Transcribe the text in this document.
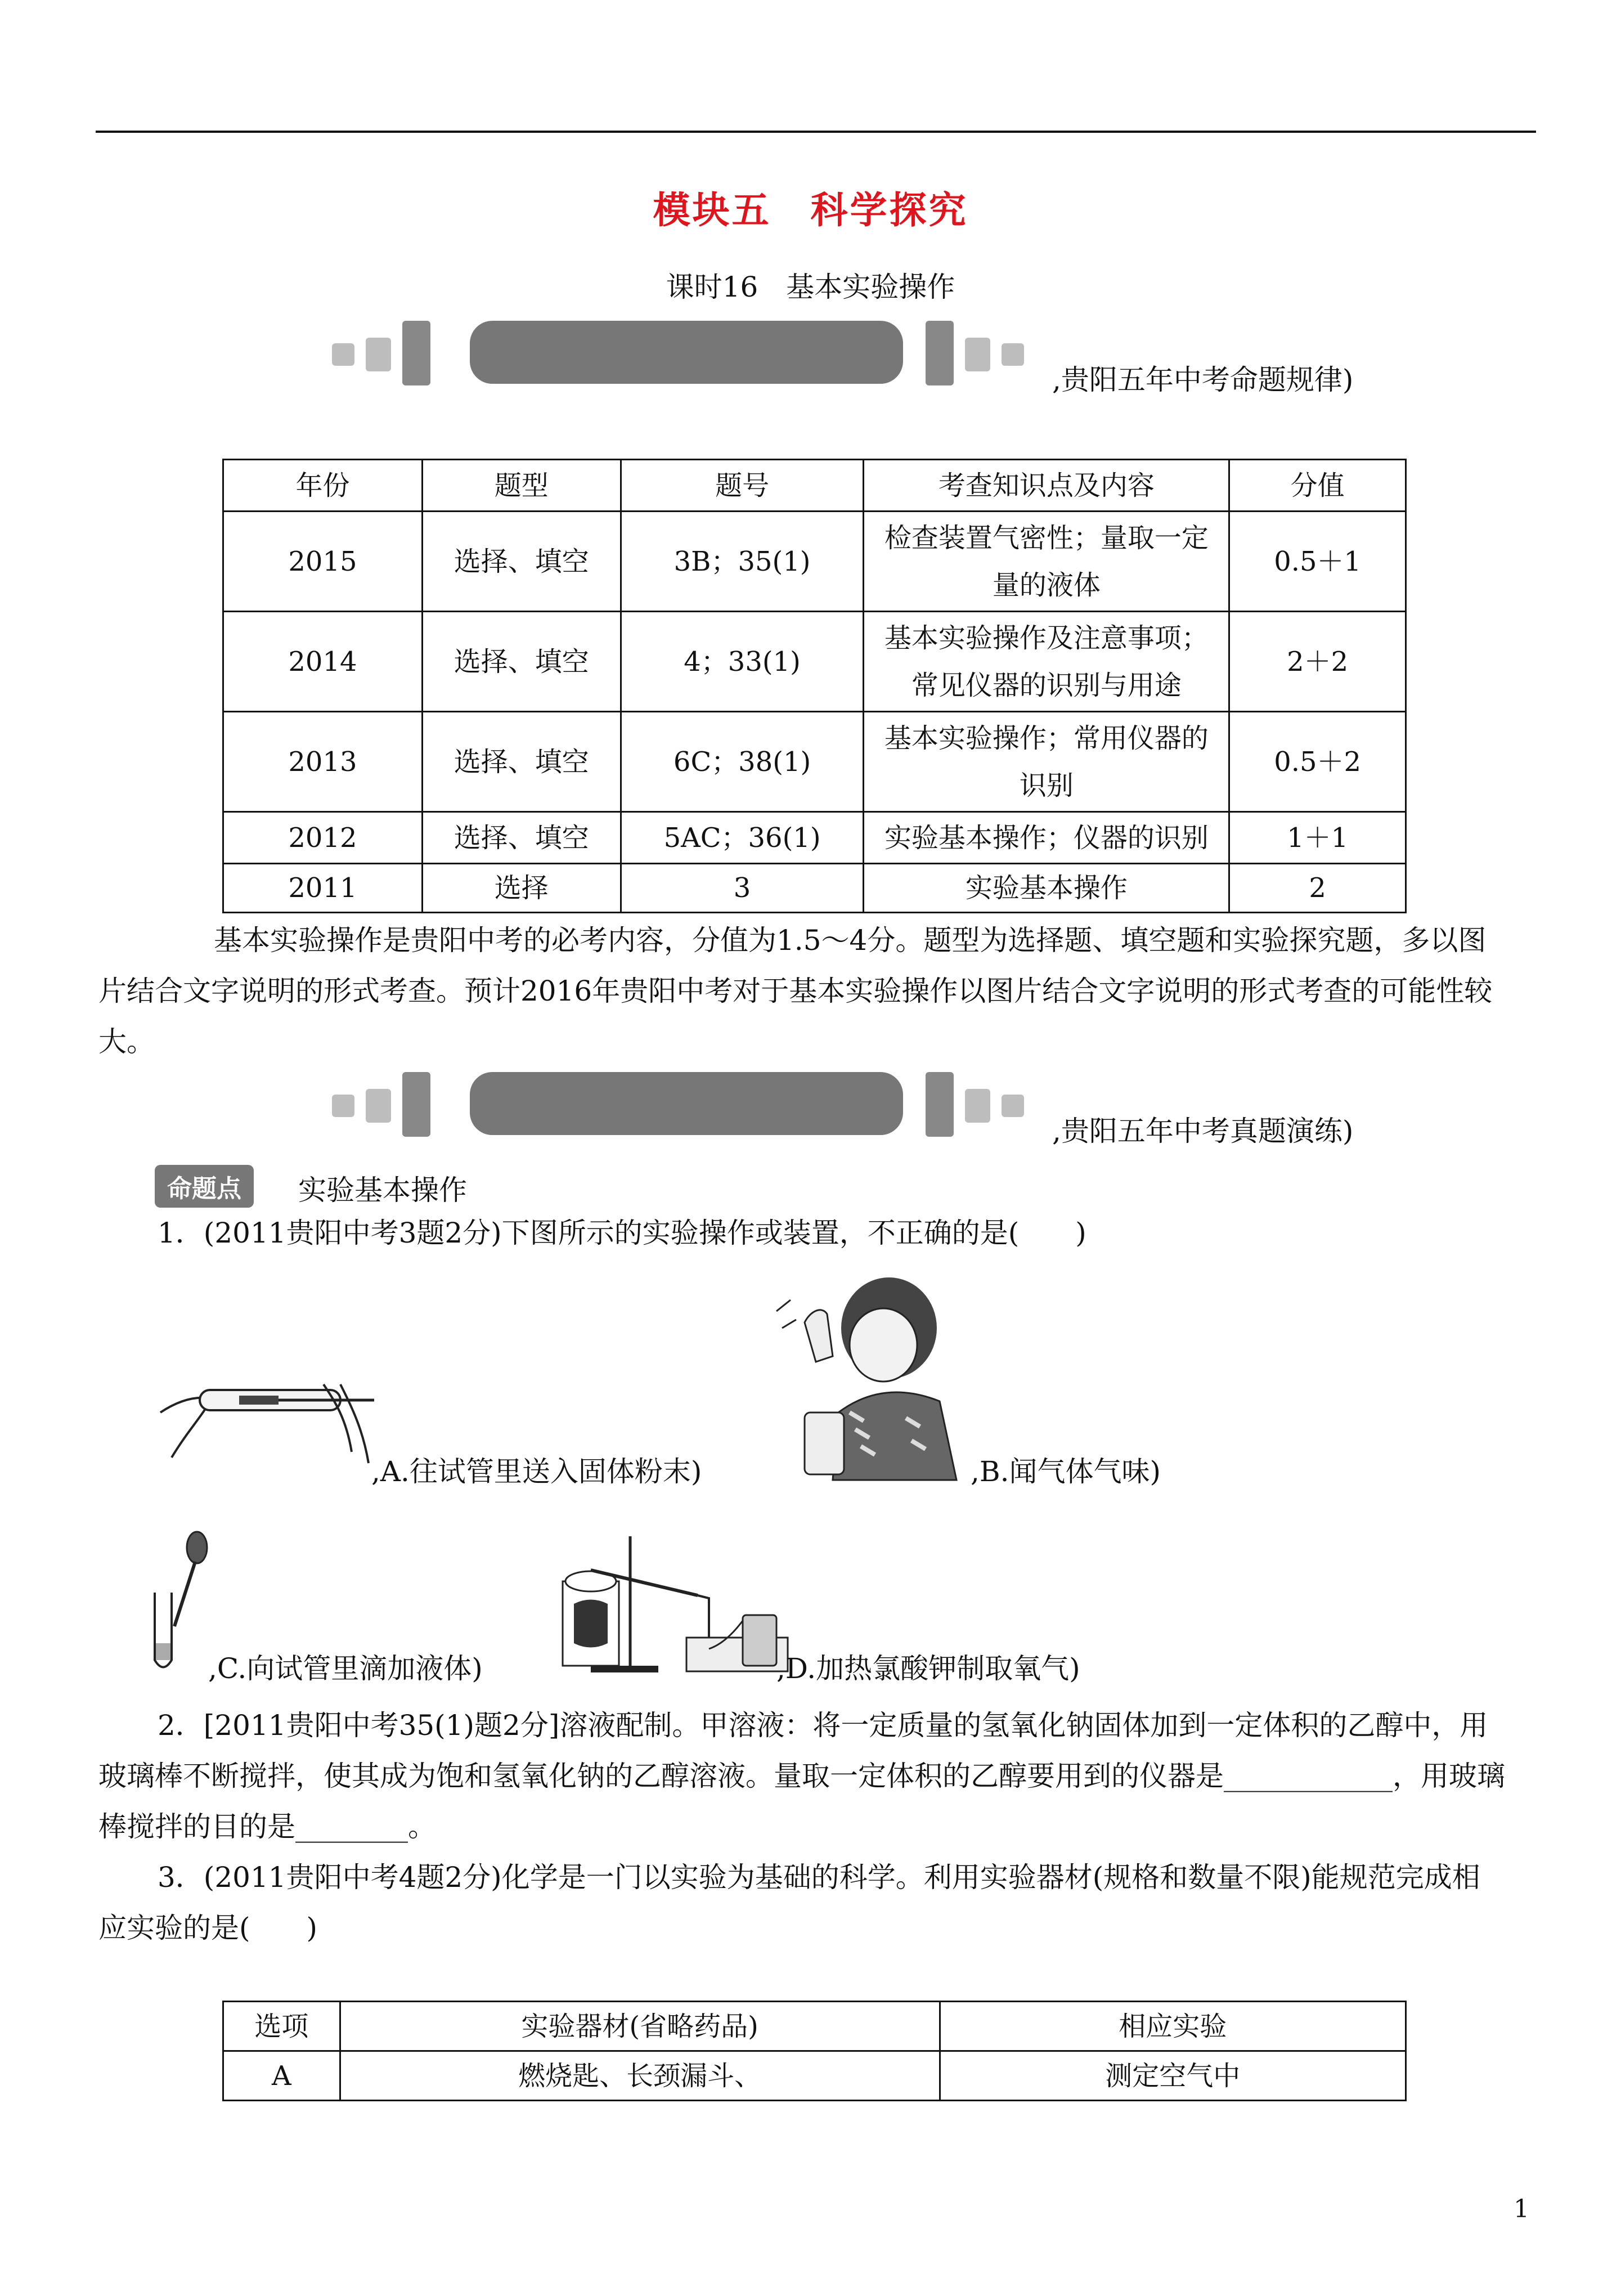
模块五　科学探究
课时16　基本实验操作
,贵阳五年中考命题规律)
年份	题型	题号	考查知识点及内容	分值
2015	选择、填空	3B；35(1)	检查装置气密性；量取一定
量的液体	0.5＋1
2014	选择、填空	4；33(1)	基本实验操作及注意事项；
常见仪器的识别与用途	2＋2
2013	选择、填空	6C；38(1)	基本实验操作；常用仪器的
识别	0.5＋2
2012	选择、填空	5AC；36(1)	实验基本操作；仪器的识别	1＋1
2011	选择	3	实验基本操作	2
基本实验操作是贵阳中考的必考内容，分值为1.5～4分。题型为选择题、填空题和实验探究题，多以图
片结合文字说明的形式考查。预计2016年贵阳中考对于基本实验操作以图片结合文字说明的形式考查的可能性较
大。
,贵阳五年中考真题演练)
命题点	实验基本操作
1．(2011贵阳中考3题2分)下图所示的实验操作或装置，不正确的是(　　)
,A.往试管里送入固体粉末)	,B.闻气体气味)
,C.向试管里滴加液体)	,D.加热氯酸钾制取氧气)
2．[2011贵阳中考35(1)题2分]溶液配制。甲溶液：将一定质量的氢氧化钠固体加到一定体积的乙醇中，用
玻璃棒不断搅拌，使其成为饱和氢氧化钠的乙醇溶液。量取一定体积的乙醇要用到的仪器是____________，用玻璃
棒搅拌的目的是________。
3．(2011贵阳中考4题2分)化学是一门以实验为基础的科学。利用实验器材(规格和数量不限)能规范完成相
应实验的是(　　)
选项	实验器材(省略药品)	相应实验
A	燃烧匙、长颈漏斗、	测定空气中
1
